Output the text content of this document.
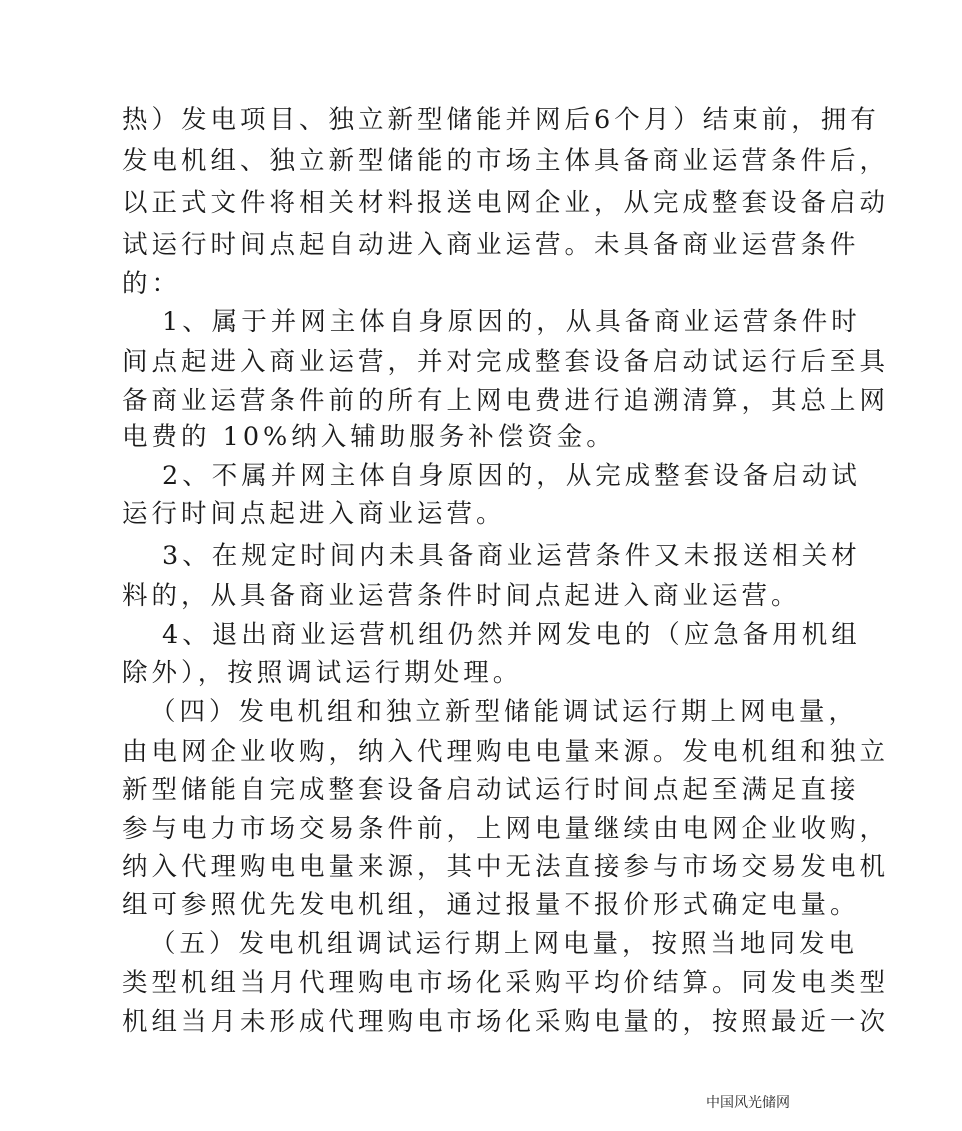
热）发电项目、独立新型储能并网后6个月）结束前，拥有
发电机组、独立新型储能的市场主体具备商业运营条件后，
以正式文件将相关材料报送电网企业，从完成整套设备启动
试运行时间点起自动进入商业运营。未具备商业运营条件
的：
1、属于并网主体自身原因的，从具备商业运营条件时
间点起进入商业运营，并对完成整套设备启动试运行后至具
备商业运营条件前的所有上网电费进行追溯清算，其总上网
电费的 10%纳入辅助服务补偿资金。
2、不属并网主体自身原因的，从完成整套设备启动试
运行时间点起进入商业运营。
3、在规定时间内未具备商业运营条件又未报送相关材
料的，从具备商业运营条件时间点起进入商业运营。
4、退出商业运营机组仍然并网发电的（应急备用机组
除外），按照调试运行期处理。
（四）发电机组和独立新型储能调试运行期上网电量，
由电网企业收购，纳入代理购电电量来源。发电机组和独立
新型储能自完成整套设备启动试运行时间点起至满足直接
参与电力市场交易条件前，上网电量继续由电网企业收购，
纳入代理购电电量来源，其中无法直接参与市场交易发电机
组可参照优先发电机组，通过报量不报价形式确定电量。
（五）发电机组调试运行期上网电量，按照当地同发电
类型机组当月代理购电市场化采购平均价结算。同发电类型
机组当月未形成代理购电市场化采购电量的，按照最近一次
中国风光储网
